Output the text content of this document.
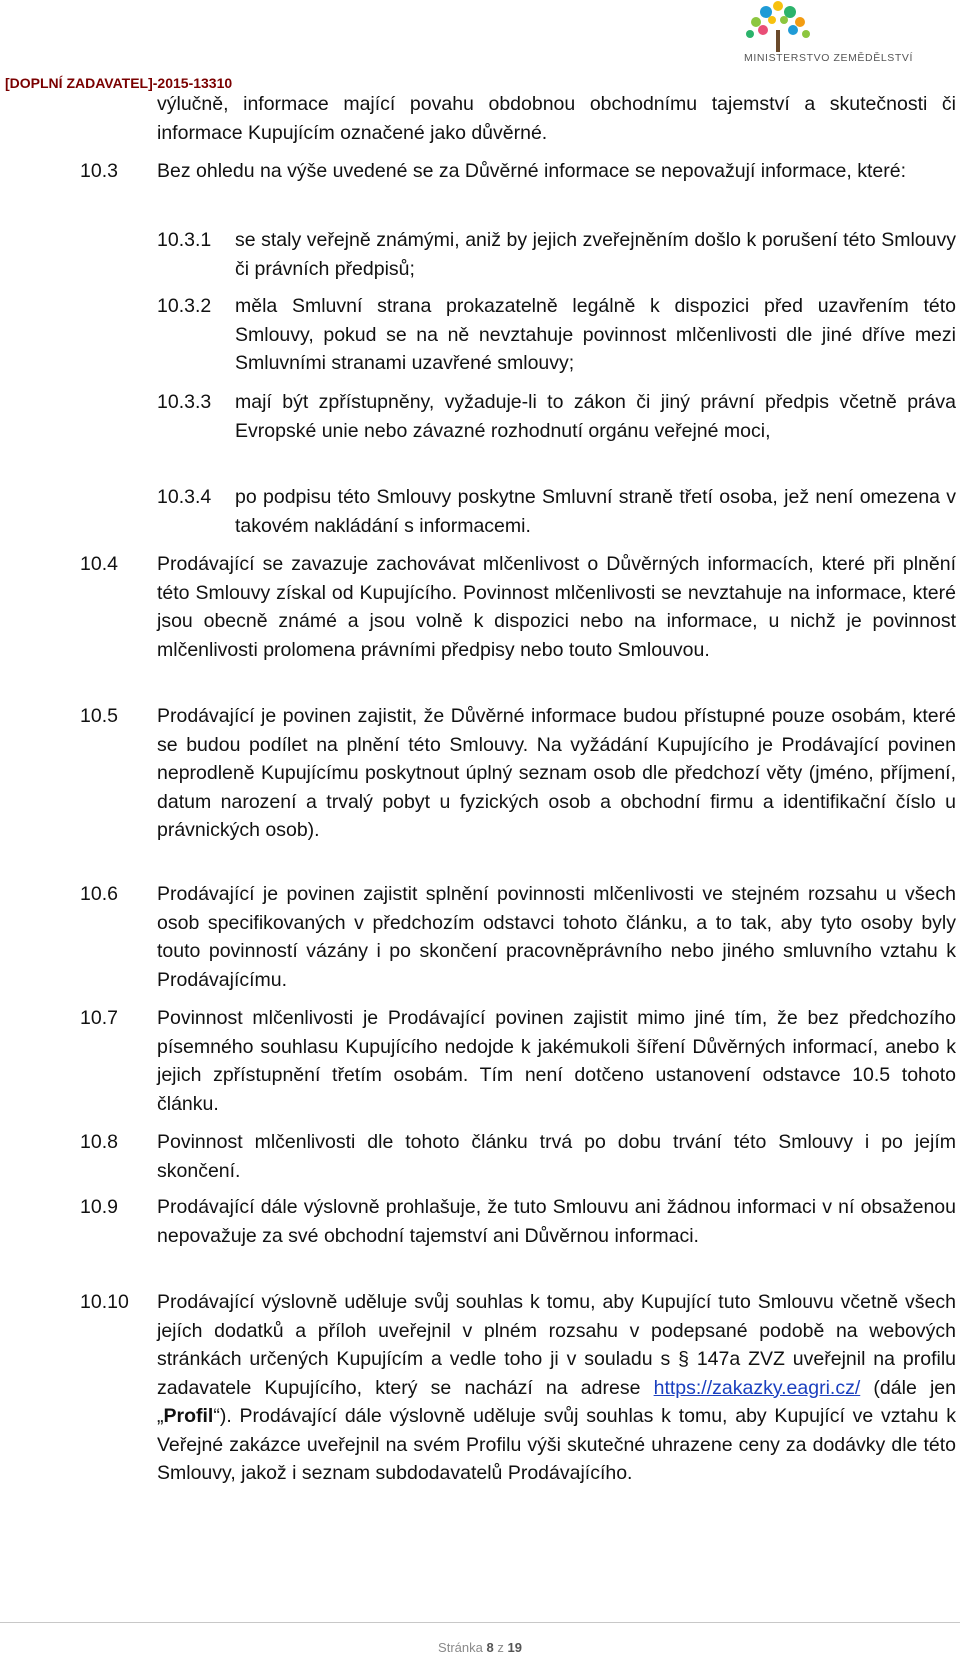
[DOPLNÍ ZADAVATEL]-2015-13310
MINISTERSTVO ZEMĚDĚLSTVÍ
výlučně, informace mající povahu obdobnou obchodnímu tajemství a skutečnosti či informace Kupujícím označené jako důvěrné.
10.3 Bez ohledu na výše uvedené se za Důvěrné informace se nepovažují informace, které:
10.3.1 se staly veřejně známými, aniž by jejich zveřejněním došlo k porušení této Smlouvy či právních předpisů;
10.3.2 měla Smluvní strana prokazatelně legálně k dispozici před uzavřením této Smlouvy, pokud se na ně nevztahuje povinnost mlčenlivosti dle jiné dříve mezi Smluvními stranami uzavřené smlouvy;
10.3.3 mají být zpřístupněny, vyžaduje-li to zákon či jiný právní předpis včetně práva Evropské unie nebo závazné rozhodnutí orgánu veřejné moci,
10.3.4 po podpisu této Smlouvy poskytne Smluvní straně třetí osoba, jež není omezena v takovém nakládání s informacemi.
10.4 Prodávající se zavazuje zachovávat mlčenlivost o Důvěrných informacích, které při plnění této Smlouvy získal od Kupujícího. Povinnost mlčenlivosti se nevztahuje na informace, které jsou obecně známé a jsou volně k dispozici nebo na informace, u nichž je povinnost mlčenlivosti prolomena právními předpisy nebo touto Smlouvou.
10.5 Prodávající je povinen zajistit, že Důvěrné informace budou přístupné pouze osobám, které se budou podílet na plnění této Smlouvy. Na vyžádání Kupujícího je Prodávající povinen neprodleně Kupujícímu poskytnout úplný seznam osob dle předchozí věty (jméno, příjmení, datum narození a trvalý pobyt u fyzických osob a obchodní firmu a identifikační číslo u právnických osob).
10.6 Prodávající je povinen zajistit splnění povinnosti mlčenlivosti ve stejném rozsahu u všech osob specifikovaných v předchozím odstavci tohoto článku, a to tak, aby tyto osoby byly touto povinností vázány i po skončení pracovněprávního nebo jiného smluvního vztahu k Prodávajícímu.
10.7 Povinnost mlčenlivosti je Prodávající povinen zajistit mimo jiné tím, že bez předchozího písemného souhlasu Kupujícího nedojde k jakémukoli šíření Důvěrných informací, anebo k jejich zpřístupnění třetím osobám. Tím není dotčeno ustanovení odstavce 10.5 tohoto článku.
10.8 Povinnost mlčenlivosti dle tohoto článku trvá po dobu trvání této Smlouvy i po jejím skončení.
10.9 Prodávající dále výslovně prohlašuje, že tuto Smlouvu ani žádnou informaci v ní obsaženou nepovažuje za své obchodní tajemství ani Důvěrnou informaci.
10.10 Prodávající výslovně uděluje svůj souhlas k tomu, aby Kupující tuto Smlouvu včetně všech jejích dodatků a příloh uveřejnil v plném rozsahu v podepsané podobě na webových stránkách určených Kupujícím a vedle toho ji v souladu s § 147a ZVZ uveřejnil na profilu zadavatele Kupujícího, který se nachází na adrese https://zakazky.eagri.cz/ (dále jen „Profil“). Prodávající dále výslovně uděluje svůj souhlas k tomu, aby Kupující ve vztahu k Veřejné zakázce uveřejnil na svém Profilu výši skutečné uhrazene ceny za dodávky dle této Smlouvy, jakož i seznam subdodavatelů Prodávajícího.
Stránka 8 z 19
